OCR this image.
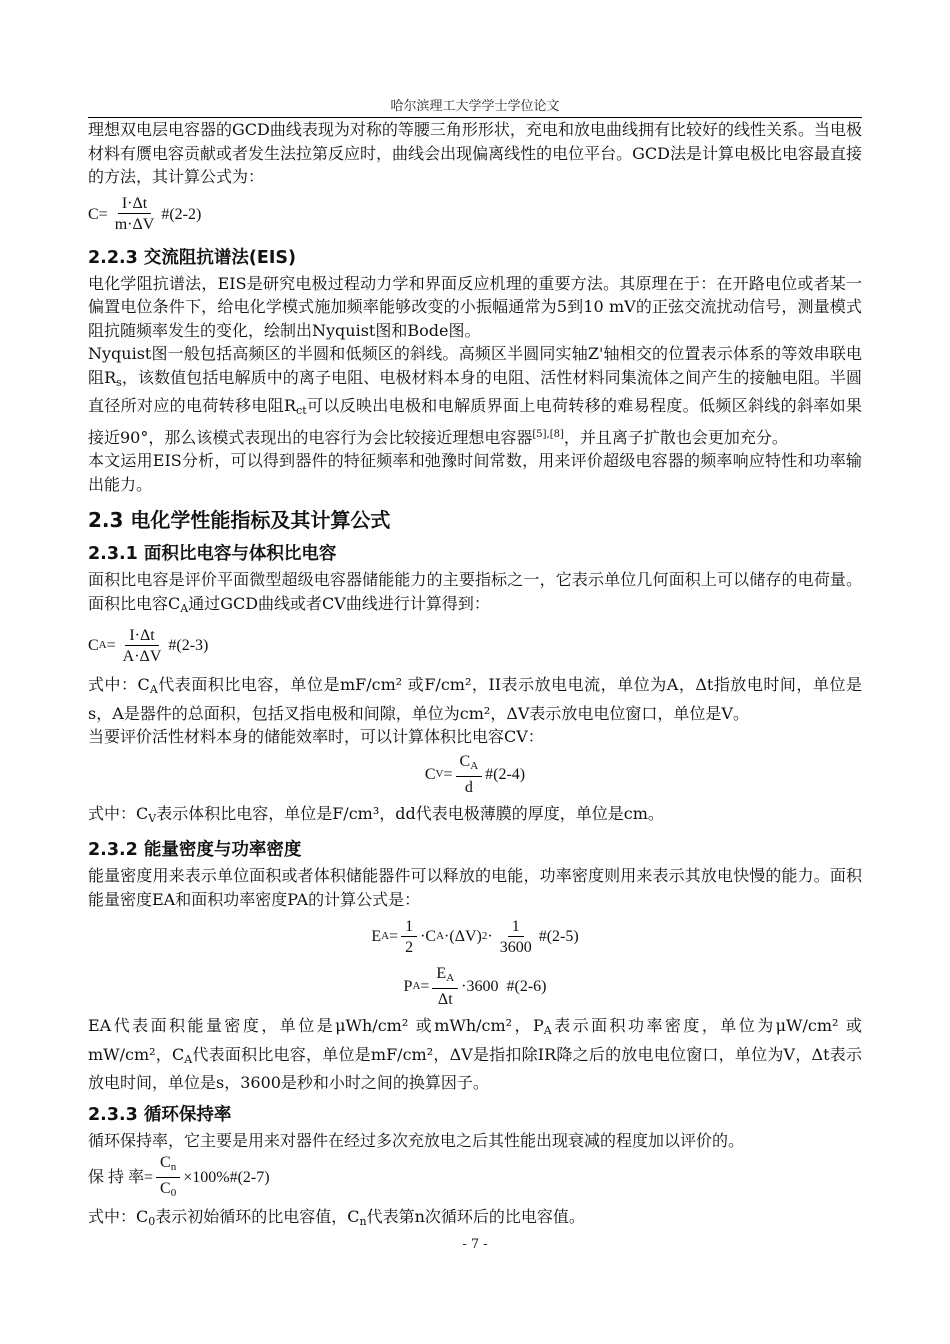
哈尔滨理工大学学士学位论文

理想双电层电容器的GCD曲线表现为对称的等腰三角形形状，充电和放电曲线拥有比较好的线性关系。当电极材料有赝电容贡献或者发生法拉第反应时，曲线会出现偏离线性的电位平台。GCD法是计算电极比电容最直接的方法，其计算公式为：

$C = \frac{I\cdot\Delta t}{m\cdot\Delta V}$ #(2-2)
2.2.3 交流阻抗谱法(EIS)

电化学阻抗谱法，EIS是研究电极过程动力学和界面反应机理的重要方法。其原理在于：在开路电位或者某一偏置电位条件下，给电化学模式施加频率能够改变的小振幅通常为5到10 mV的正弦交流扰动信号，测量模式阻抗随频率发生的变化，绘制出Nyquist图和Bode图。

Nyquist图一般包括高频区的半圆和低频区的斜线。高频区半圆同实轴Z'轴相交的位置表示体系的等效串联电阻$R_s$，该数值包括电解质中的离子电阻、电极材料本身的电阻、活性材料同集流体之间产生的接触电阻。半圆直径所对应的电荷转移电阻$R_{ct}$可以反映出电极和电解质界面上电荷转移的难易程度。低频区斜线的斜率如果接近90°，那么该模式表现出的电容行为会比较接近理想电容器[5],[8]，并且离子扩散也会更加充分。

本文运用EIS分析，可以得到器件的特征频率和弛豫时间常数，用来评价超级电容器的频率响应特性和功率输出能力。

2.3 电化学性能指标及其计算公式
2.3.1 面积比电容与体积比电容

面积比电容是评价平面微型超级电容器储能能力的主要指标之一，它表示单位几何面积上可以储存的电荷量。面积比电容$C_A$通过GCD曲线或者CV曲线进行计算得到：

C $A = \frac{I\cdot\Delta t}{A\cdot\Delta V}$ #(2-3)

式中：$C_A$代表面积比电容，单位是mF/cm² 或F/cm²，II表示放电电流，单位为A，Δt指放电时间，单位是s，A是器件的总面积，包括叉指电极和间隙，单位为cm²，ΔV表示放电电位窗口，单位是V。

当要评价活性材料本身的储能效率时，可以计算体积比电容CV：

C $V = \frac{C_A}{d}$ #(2-4)

式中：$C_V$表示体积比电容，单位是F/cm³，dd代表电极薄膜的厚度，单位是cm。

2.3.2 能量密度与功率密度

能量密度用来表示单位面积或者体积储能器件可以释放的电能，功率密度则用来表示其放电快慢的能力。面积能量密度EA和面积功率密度PA的计算公式是：

E $A = \frac{1}{2} \cdot C$ A ·(ΔV) $2 \cdot \frac{1}{3600}$ #(2-5)
P $A = \frac{E_A}{\Delta t} \cdot 3600$
#(2-6)

EA代表面积能量密度，单位是μWh/cm² 或mWh/cm²，$P_A$表示面积功率密度，单位为μW/cm² 或mW/cm²，$C_A$代表面积比电容，单位是mF/cm²，ΔV是指扣除IR降之后的放电电位窗口，单位为V，Δt表示放电时间，单位是s，3600是秒和小时之间的换算因子。

2.3.3 循环保持率

循环保持率，它主要是用来对器件在经过多次充放电之后其性能出现衰减的程度加以评价的。

保 持 率 = $\frac{C_n}{C_0} \times 100\%$ #(2-7)

式中：$C_0$表示初始循环的比电容值，$C_n$代表第n次循环后的比电容值。

- 7 -
